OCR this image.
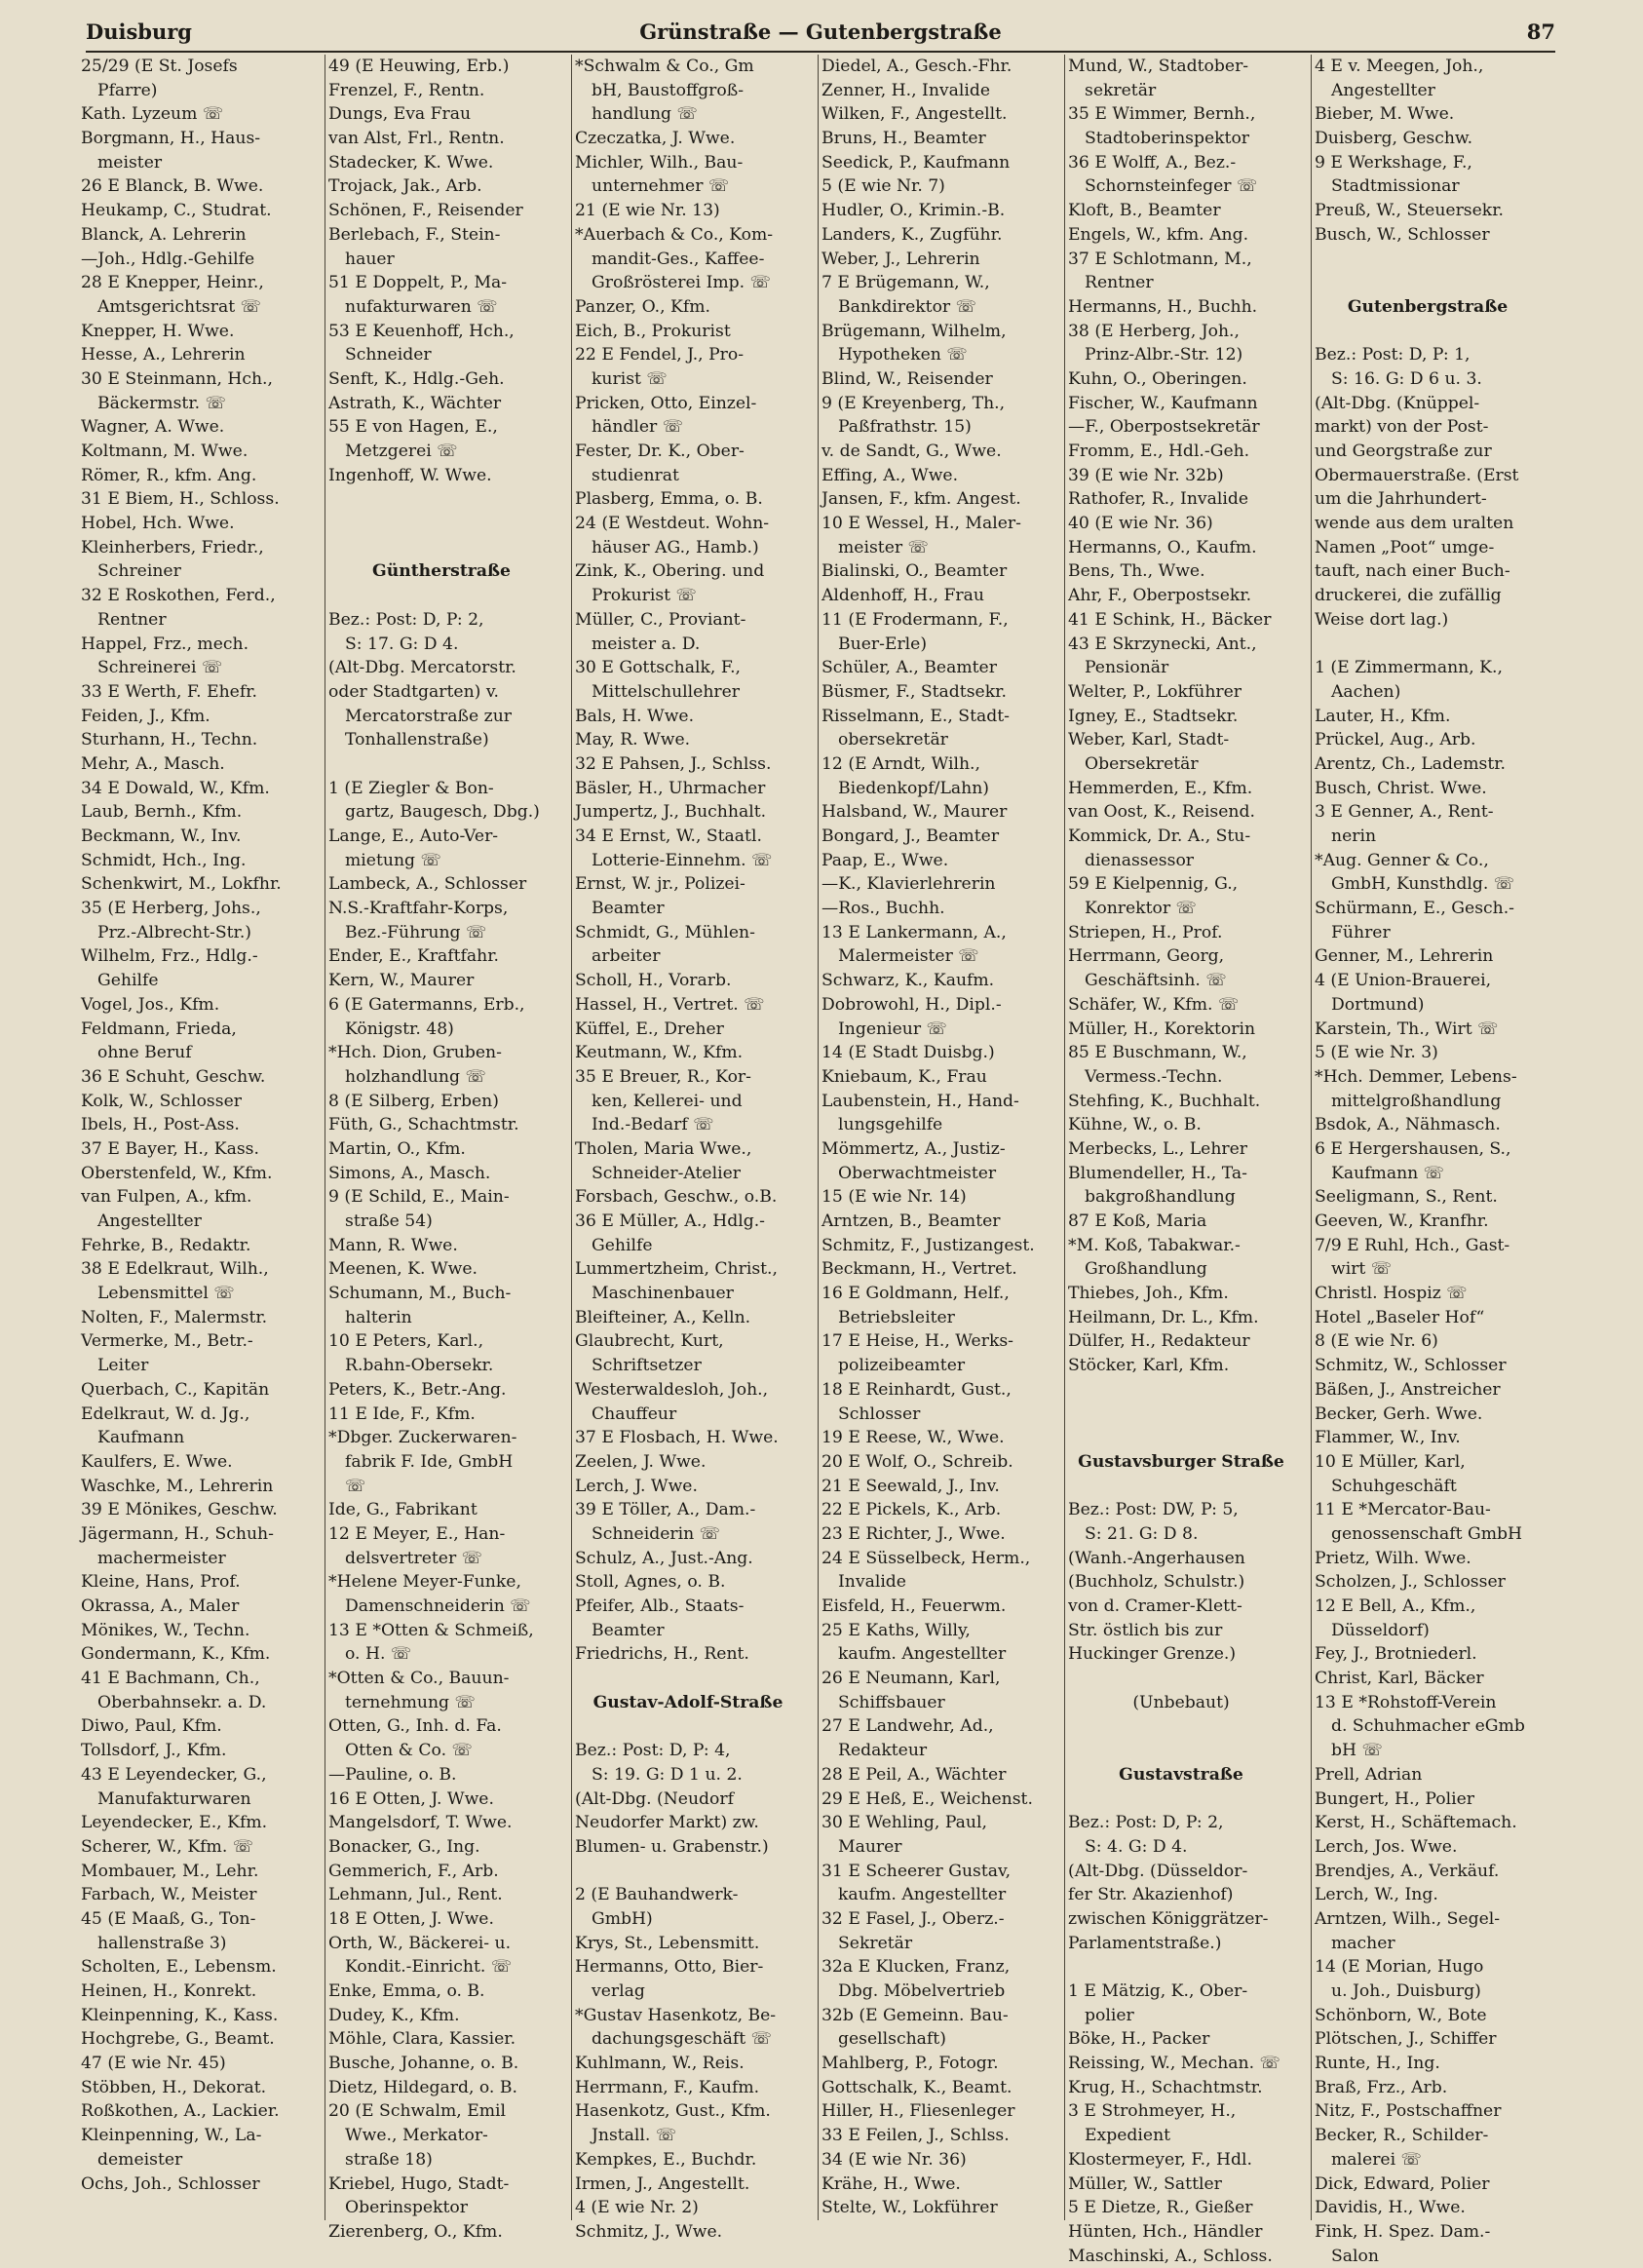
Duisburg	Grünstraße — Gutenbergstraße	87
25/29 (E St. Josefs
Pfarre)
Kath. Lyzeum ☏
Borgmann, H., Haus-
meister
26 E Blanck, B. Wwe.
Heukamp, C., Studrat.
Blanck, A. Lehrerin
—Joh., Hdlg.-Gehilfe
28 E Knepper, Heinr.,
Amtsgerichtsrat ☏
Knepper, H. Wwe.
Hesse, A., Lehrerin
30 E Steinmann, Hch.,
Bäckermstr. ☏
Wagner, A. Wwe.
Koltmann, M. Wwe.
Römer, R., kfm. Ang.
31 E Biem, H., Schloss.
Hobel, Hch. Wwe.
Kleinherbers, Friedr.,
Schreiner
32 E Roskothen, Ferd.,
Rentner
Happel, Frz., mech.
Schreinerei ☏
33 E Werth, F. Ehefr.
Feiden, J., Kfm.
Sturhann, H., Techn.
Mehr, A., Masch.
34 E Dowald, W., Kfm.
Laub, Bernh., Kfm.
Beckmann, W., Inv.
Schmidt, Hch., Ing.
Schenkwirt, M., Lokfhr.
35 (E Herberg, Johs.,
Prz.-Albrecht-Str.)
Wilhelm, Frz., Hdlg.-
Gehilfe
Vogel, Jos., Kfm.
Feldmann, Frieda,
ohne Beruf
36 E Schuht, Geschw.
Kolk, W., Schlosser
Ibels, H., Post-Ass.
37 E Bayer, H., Kass.
Oberstenfeld, W., Kfm.
van Fulpen, A., kfm.
Angestellter
Fehrke, B., Redaktr.
38 E Edelkraut, Wilh.,
Lebensmittel ☏
Nolten, F., Malermstr.
Vermerke, M., Betr.-
Leiter
Querbach, C., Kapitän
Edelkraut, W. d. Jg.,
Kaufmann
Kaulfers, E. Wwe.
Waschke, M., Lehrerin
39 E Mönikes, Geschw.
Jägermann, H., Schuh-
machermeister
Kleine, Hans, Prof.
Okrassa, A., Maler
Mönikes, W., Techn.
Gondermann, K., Kfm.
41 E Bachmann, Ch.,
Oberbahnsekr. a. D.
Diwo, Paul, Kfm.
Tollsdorf, J., Kfm.
43 E Leyendecker, G.,
Manufakturwaren
Leyendecker, E., Kfm.
Scherer, W., Kfm. ☏
Mombauer, M., Lehr.
Farbach, W., Meister
45 (E Maaß, G., Ton-
hallenstraße 3)
Scholten, E., Lebensm.
Heinen, H., Konrekt.
Kleinpenning, K., Kass.
Hochgrebe, G., Beamt.
47 (E wie Nr. 45)
Stöbben, H., Dekorat.
Roßkothen, A., Lackier.
Kleinpenning, W., La-
demeister
Ochs, Joh., Schlosser
49 (E Heuwing, Erb.)
Frenzel, F., Rentn.
Dungs, Eva Frau
van Alst, Frl., Rentn.
Stadecker, K. Wwe.
Trojack, Jak., Arb.
Schönen, F., Reisender
Berlebach, F., Stein-
hauer
51 E Doppelt, P., Ma-
nufakturwaren ☏
53 E Keuenhoff, Hch.,
Schneider
Senft, K., Hdlg.-Geh.
Astrath, K., Wächter
55 E von Hagen, E.,
Metzgerei ☏
Ingenhoff, W. Wwe.
Güntherstraße
Bez.: Post: D, P: 2,
S: 17. G: D 4.
(Alt-Dbg. Mercatorstr.
oder Stadtgarten) v.
Mercatorstraße zur
Tonhallenstraße)
1 (E Ziegler & Bon-
gartz, Baugesch, Dbg.)
Lange, E., Auto-Ver-
mietung ☏
Lambeck, A., Schlosser
N.S.-Kraftfahr-Korps,
Bez.-Führung ☏
Ender, E., Kraftfahr.
Kern, W., Maurer
6 (E Gatermanns, Erb.,
Königstr. 48)
*Hch. Dion, Gruben-
holzhandlung ☏
8 (E Silberg, Erben)
Füth, G., Schachtmstr.
Martin, O., Kfm.
Simons, A., Masch.
9 (E Schild, E., Main-
straße 54)
Mann, R. Wwe.
Meenen, K. Wwe.
Schumann, M., Buch-
halterin
10 E Peters, Karl.,
R.bahn-Obersekr.
Peters, K., Betr.-Ang.
11 E Ide, F., Kfm.
*Dbger. Zuckerwaren-
fabrik F. Ide, GmbH
☏
Ide, G., Fabrikant
12 E Meyer, E., Han-
delsvertreter ☏
*Helene Meyer-Funke,
Damenschneiderin ☏
13 E *Otten & Schmeiß,
o. H. ☏
*Otten & Co., Bauun-
ternehmung ☏
Otten, G., Inh. d. Fa.
Otten & Co. ☏
—Pauline, o. B.
16 E Otten, J. Wwe.
Mangelsdorf, T. Wwe.
Bonacker, G., Ing.
Gemmerich, F., Arb.
Lehmann, Jul., Rent.
18 E Otten, J. Wwe.
Orth, W., Bäckerei- u.
Kondit.-Einricht. ☏
Enke, Emma, o. B.
Dudey, K., Kfm.
Möhle, Clara, Kassier.
Busche, Johanne, o. B.
Dietz, Hildegard, o. B.
20 (E Schwalm, Emil
Wwe., Merkator-
straße 18)
Kriebel, Hugo, Stadt-
Oberinspektor
Zierenberg, O., Kfm.
*Schwalm & Co., Gm
bH, Baustoffgroß-
handlung ☏
Czeczatka, J. Wwe.
Michler, Wilh., Bau-
unternehmer ☏
21 (E wie Nr. 13)
*Auerbach & Co., Kom-
mandit-Ges., Kaffee-
Großrösterei Imp. ☏
Panzer, O., Kfm.
Eich, B., Prokurist
22 E Fendel, J., Pro-
kurist ☏
Pricken, Otto, Einzel-
händler ☏
Fester, Dr. K., Ober-
studienrat
Plasberg, Emma, o. B.
24 (E Westdeut. Wohn-
häuser AG., Hamb.)
Zink, K., Obering. und
Prokurist ☏
Müller, C., Proviant-
meister a. D.
30 E Gottschalk, F.,
Mittelschullehrer
Bals, H. Wwe.
May, R. Wwe.
32 E Pahsen, J., Schlss.
Bäsler, H., Uhrmacher
Jumpertz, J., Buchhalt.
34 E Ernst, W., Staatl.
Lotterie-Einnehm. ☏
Ernst, W. jr., Polizei-
Beamter
Schmidt, G., Mühlen-
arbeiter
Scholl, H., Vorarb.
Hassel, H., Vertret. ☏
Küffel, E., Dreher
Keutmann, W., Kfm.
35 E Breuer, R., Kor-
ken, Kellerei- und
Ind.-Bedarf ☏
Tholen, Maria Wwe.,
Schneider-Atelier
Forsbach, Geschw., o.B.
36 E Müller, A., Hdlg.-
Gehilfe
Lummertzheim, Christ.,
Maschinenbauer
Bleifteiner, A., Kelln.
Glaubrecht, Kurt,
Schriftsetzer
Westerwaldesloh, Joh.,
Chauffeur
37 E Flosbach, H. Wwe.
Zeelen, J. Wwe.
Lerch, J. Wwe.
39 E Töller, A., Dam.-
Schneiderin ☏
Schulz, A., Just.-Ang.
Stoll, Agnes, o. B.
Pfeifer, Alb., Staats-
Beamter
Friedrichs, H., Rent.
Gustav-Adolf-Straße
Bez.: Post: D, P: 4,
S: 19. G: D 1 u. 2.
(Alt-Dbg. (Neudorf
Neudorfer Markt) zw.
Blumen- u. Grabenstr.)
2 (E Bauhandwerk-
GmbH)
Krys, St., Lebensmitt.
Hermanns, Otto, Bier-
verlag
*Gustav Hasenkotz, Be-
dachungsgeschäft ☏
Kuhlmann, W., Reis.
Herrmann, F., Kaufm.
Hasenkotz, Gust., Kfm.
Jnstall. ☏
Kempkes, E., Buchdr.
Irmen, J., Angestellt.
4 (E wie Nr. 2)
Schmitz, J., Wwe.
Diedel, A., Gesch.-Fhr.
Zenner, H., Invalide
Wilken, F., Angestellt.
Bruns, H., Beamter
Seedick, P., Kaufmann
5 (E wie Nr. 7)
Hudler, O., Krimin.-B.
Landers, K., Zugführ.
Weber, J., Lehrerin
7 E Brügemann, W.,
Bankdirektor ☏
Brügemann, Wilhelm,
Hypotheken ☏
Blind, W., Reisender
9 (E Kreyenberg, Th.,
Paßfrathstr. 15)
v. de Sandt, G., Wwe.
Effing, A., Wwe.
Jansen, F., kfm. Angest.
10 E Wessel, H., Maler-
meister ☏
Bialinski, O., Beamter
Aldenhoff, H., Frau
11 (E Frodermann, F.,
Buer-Erle)
Schüler, A., Beamter
Büsmer, F., Stadtsekr.
Risselmann, E., Stadt-
obersekretär
12 (E Arndt, Wilh.,
Biedenkopf/Lahn)
Halsband, W., Maurer
Bongard, J., Beamter
Paap, E., Wwe.
—K., Klavierlehrerin
—Ros., Buchh.
13 E Lankermann, A.,
Malermeister ☏
Schwarz, K., Kaufm.
Dobrowohl, H., Dipl.-
Ingenieur ☏
14 (E Stadt Duisbg.)
Kniebaum, K., Frau
Laubenstein, H., Hand-
lungsgehilfe
Mömmertz, A., Justiz-
Oberwachtmeister
15 (E wie Nr. 14)
Arntzen, B., Beamter
Schmitz, F., Justizangest.
Beckmann, H., Vertret.
16 E Goldmann, Helf.,
Betriebsleiter
17 E Heise, H., Werks-
polizeibeamter
18 E Reinhardt, Gust.,
Schlosser
19 E Reese, W., Wwe.
20 E Wolf, O., Schreib.
21 E Seewald, J., Inv.
22 E Pickels, K., Arb.
23 E Richter, J., Wwe.
24 E Süsselbeck, Herm.,
Invalide
Eisfeld, H., Feuerwm.
25 E Kaths, Willy,
kaufm. Angestellter
26 E Neumann, Karl,
Schiffsbauer
27 E Landwehr, Ad.,
Redakteur
28 E Peil, A., Wächter
29 E Heß, E., Weichenst.
30 E Wehling, Paul,
Maurer
31 E Scheerer Gustav,
kaufm. Angestellter
32 E Fasel, J., Oberz.-
Sekretär
32a E Klucken, Franz,
Dbg. Möbelvertrieb
32b (E Gemeinn. Bau-
gesellschaft)
Mahlberg, P., Fotogr.
Gottschalk, K., Beamt.
Hiller, H., Fliesenleger
33 E Feilen, J., Schlss.
34 (E wie Nr. 36)
Krähe, H., Wwe.
Stelte, W., Lokführer
Mund, W., Stadtober-
sekretär
35 E Wimmer, Bernh.,
Stadtoberinspektor
36 E Wolff, A., Bez.-
Schornsteinfeger ☏
Kloft, B., Beamter
Engels, W., kfm. Ang.
37 E Schlotmann, M.,
Rentner
Hermanns, H., Buchh.
38 (E Herberg, Joh.,
Prinz-Albr.-Str. 12)
Kuhn, O., Oberingen.
Fischer, W., Kaufmann
—F., Oberpostsekretär
Fromm, E., Hdl.-Geh.
39 (E wie Nr. 32b)
Rathofer, R., Invalide
40 (E wie Nr. 36)
Hermanns, O., Kaufm.
Bens, Th., Wwe.
Ahr, F., Oberpostsekr.
41 E Schink, H., Bäcker
43 E Skrzynecki, Ant.,
Pensionär
Welter, P., Lokführer
Igney, E., Stadtsekr.
Weber, Karl, Stadt-
Obersekretär
Hemmerden, E., Kfm.
van Oost, K., Reisend.
Kommick, Dr. A., Stu-
dienassessor
59 E Kielpennig, G.,
Konrektor ☏
Striepen, H., Prof.
Herrmann, Georg,
Geschäftsinh. ☏
Schäfer, W., Kfm. ☏
Müller, H., Korektorin
85 E Buschmann, W.,
Vermess.-Techn.
Stehfing, K., Buchhalt.
Kühne, W., o. B.
Merbecks, L., Lehrer
Blumendeller, H., Ta-
bakgroßhandlung
87 E Koß, Maria
*M. Koß, Tabakwar.-
Großhandlung
Thiebes, Joh., Kfm.
Heilmann, Dr. L., Kfm.
Dülfer, H., Redakteur
Stöcker, Karl, Kfm.
Gustavsburger Straße
Bez.: Post: DW, P: 5,
S: 21. G: D 8.
(Wanh.-Angerhausen
(Buchholz, Schulstr.)
von d. Cramer-Klett-
Str. östlich bis zur
Huckinger Grenze.)
(Unbebaut)
Gustavstraße
Bez.: Post: D, P: 2,
S: 4. G: D 4.
(Alt-Dbg. (Düsseldor-
fer Str. Akazienhof)
zwischen Königgrätzer-
Parlamentstraße.)
1 E Mätzig, K., Ober-
polier
Böke, H., Packer
Reissing, W., Mechan. ☏
Krug, H., Schachtmstr.
3 E Strohmeyer, H.,
Expedient
Klostermeyer, F., Hdl.
Müller, W., Sattler
5 E Dietze, R., Gießer
Hünten, Hch., Händler
Maschinski, A., Schloss.
4 E v. Meegen, Joh.,
Angestellter
Bieber, M. Wwe.
Duisberg, Geschw.
9 E Werkshage, F.,
Stadtmissionar
Preuß, W., Steuersekr.
Busch, W., Schlosser
Gutenbergstraße
Bez.: Post: D, P: 1,
S: 16. G: D 6 u. 3.
(Alt-Dbg. (Knüppel-
markt) von der Post-
und Georgstraße zur
Obermauerstraße. (Erst
um die Jahrhundert-
wende aus dem uralten
Namen „Poot“ umge-
tauft, nach einer Buch-
druckerei, die zufällig
Weise dort lag.)
1 (E Zimmermann, K.,
Aachen)
Lauter, H., Kfm.
Prückel, Aug., Arb.
Arentz, Ch., Lademstr.
Busch, Christ. Wwe.
3 E Genner, A., Rent-
nerin
*Aug. Genner & Co.,
GmbH, Kunsthdlg. ☏
Schürmann, E., Gesch.-
Führer
Genner, M., Lehrerin
4 (E Union-Brauerei,
Dortmund)
Karstein, Th., Wirt ☏
5 (E wie Nr. 3)
*Hch. Demmer, Lebens-
mittelgroßhandlung
Bsdok, A., Nähmasch.
6 E Hergershausen, S.,
Kaufmann ☏
Seeligmann, S., Rent.
Geeven, W., Kranfhr.
7/9 E Ruhl, Hch., Gast-
wirt ☏
Christl. Hospiz ☏
Hotel „Baseler Hof“
8 (E wie Nr. 6)
Schmitz, W., Schlosser
Bäßen, J., Anstreicher
Becker, Gerh. Wwe.
Flammer, W., Inv.
10 E Müller, Karl,
Schuhgeschäft
11 E *Mercator-Bau-
genossenschaft GmbH
Prietz, Wilh. Wwe.
Scholzen, J., Schlosser
12 E Bell, A., Kfm.,
Düsseldorf)
Fey, J., Brotniederl.
Christ, Karl, Bäcker
13 E *Rohstoff-Verein
d. Schuhmacher eGmb
bH ☏
Prell, Adrian
Bungert, H., Polier
Kerst, H., Schäftemach.
Lerch, Jos. Wwe.
Brendjes, A., Verkäuf.
Lerch, W., Ing.
Arntzen, Wilh., Segel-
macher
14 (E Morian, Hugo
u. Joh., Duisburg)
Schönborn, W., Bote
Plötschen, J., Schiffer
Runte, H., Ing.
Braß, Frz., Arb.
Nitz, F., Postschaffner
Becker, R., Schilder-
malerei ☏
Dick, Edward, Polier
Davidis, H., Wwe.
Fink, H. Spez. Dam.-
Salon
